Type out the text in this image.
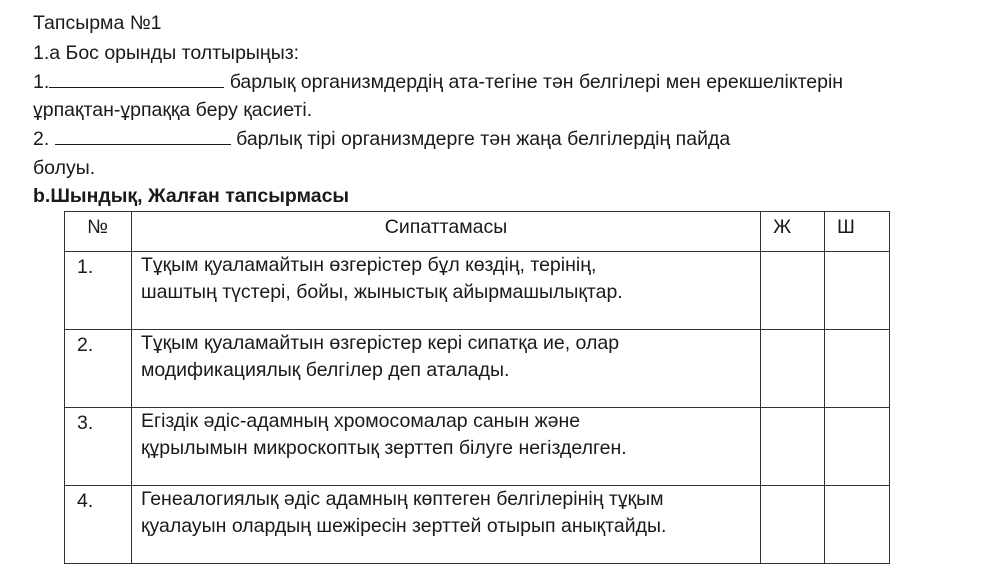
Тапсырма №1
1.а Бос орынды толтырыңыз:
1.	барлық организмдердің ата-тегіне тән белгілері мен ерекшеліктерін
ұрпақтан-ұрпаққа беру қасиеті.
2.	барлық тірі организмдерге тән жаңа белгілердің пайда
болуы.
b.Шындық, Жалған тапсырмасы
№	Сипаттамасы	Ж	Ш
1.	Тұқым қуаламайтын өзгерістер бұл көздің, терінің,
шаштың түстері, бойы, жыныстық айырмашылықтар.		

2.	Тұқым қуаламайтын өзгерістер кері сипатқа ие, олар
модификациялық белгілер деп аталады.		

3.	Егіздік әдіс-адамның хромосомалар санын және
құрылымын микроскоптық зерттеп білуге негізделген.		

4.	Генеалогиялық әдіс адамның көптеген белгілерінің тұқым
қуалауын олардың шежіресін зерттей отырып анықтайды.		
